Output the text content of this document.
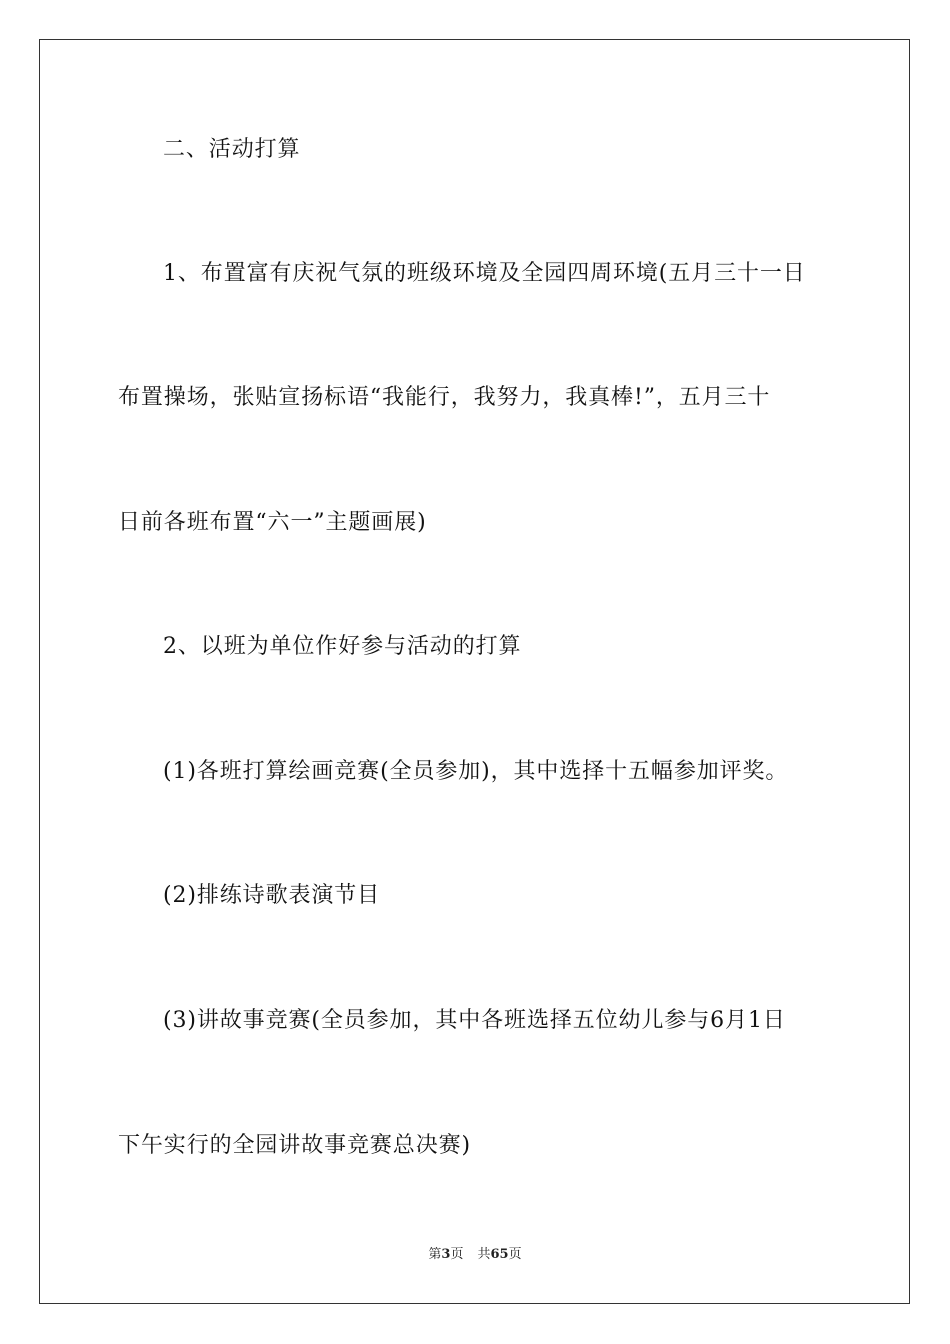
二、活动打算
1、布置富有庆祝气氛的班级环境及全园四周环境(五月三十一日
布置操场，张贴宣扬标语“我能行，我努力，我真棒!”，五月三十
日前各班布置“六一”主题画展)
2、以班为单位作好参与活动的打算
(1)各班打算绘画竞赛(全员参加)，其中选择十五幅参加评奖。
(2)排练诗歌表演节目
(3)讲故事竞赛(全员参加，其中各班选择五位幼儿参与6月1日
下午实行的全园讲故事竞赛总决赛)
第3页 共65页
